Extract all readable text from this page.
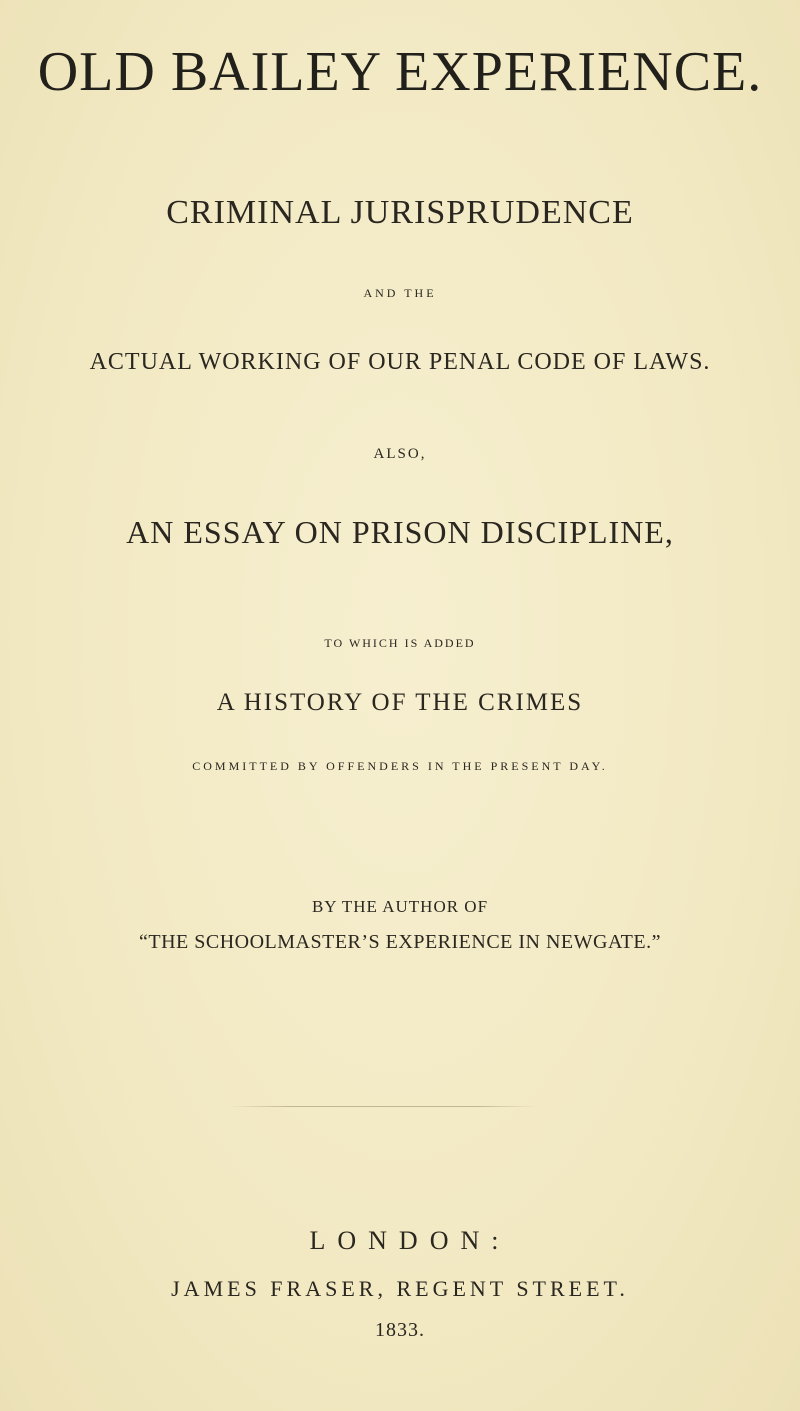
OLD BAILEY EXPERIENCE.
CRIMINAL JURISPRUDENCE
AND THE
ACTUAL WORKING OF OUR PENAL CODE OF LAWS.
ALSO,
AN ESSAY ON PRISON DISCIPLINE,
TO WHICH IS ADDED
A HISTORY OF THE CRIMES
COMMITTED BY OFFENDERS IN THE PRESENT DAY.
BY THE AUTHOR OF
“THE SCHOOLMASTER’S EXPERIENCE IN NEWGATE.”
LONDON:
JAMES FRASER, REGENT STREET.
1833.
